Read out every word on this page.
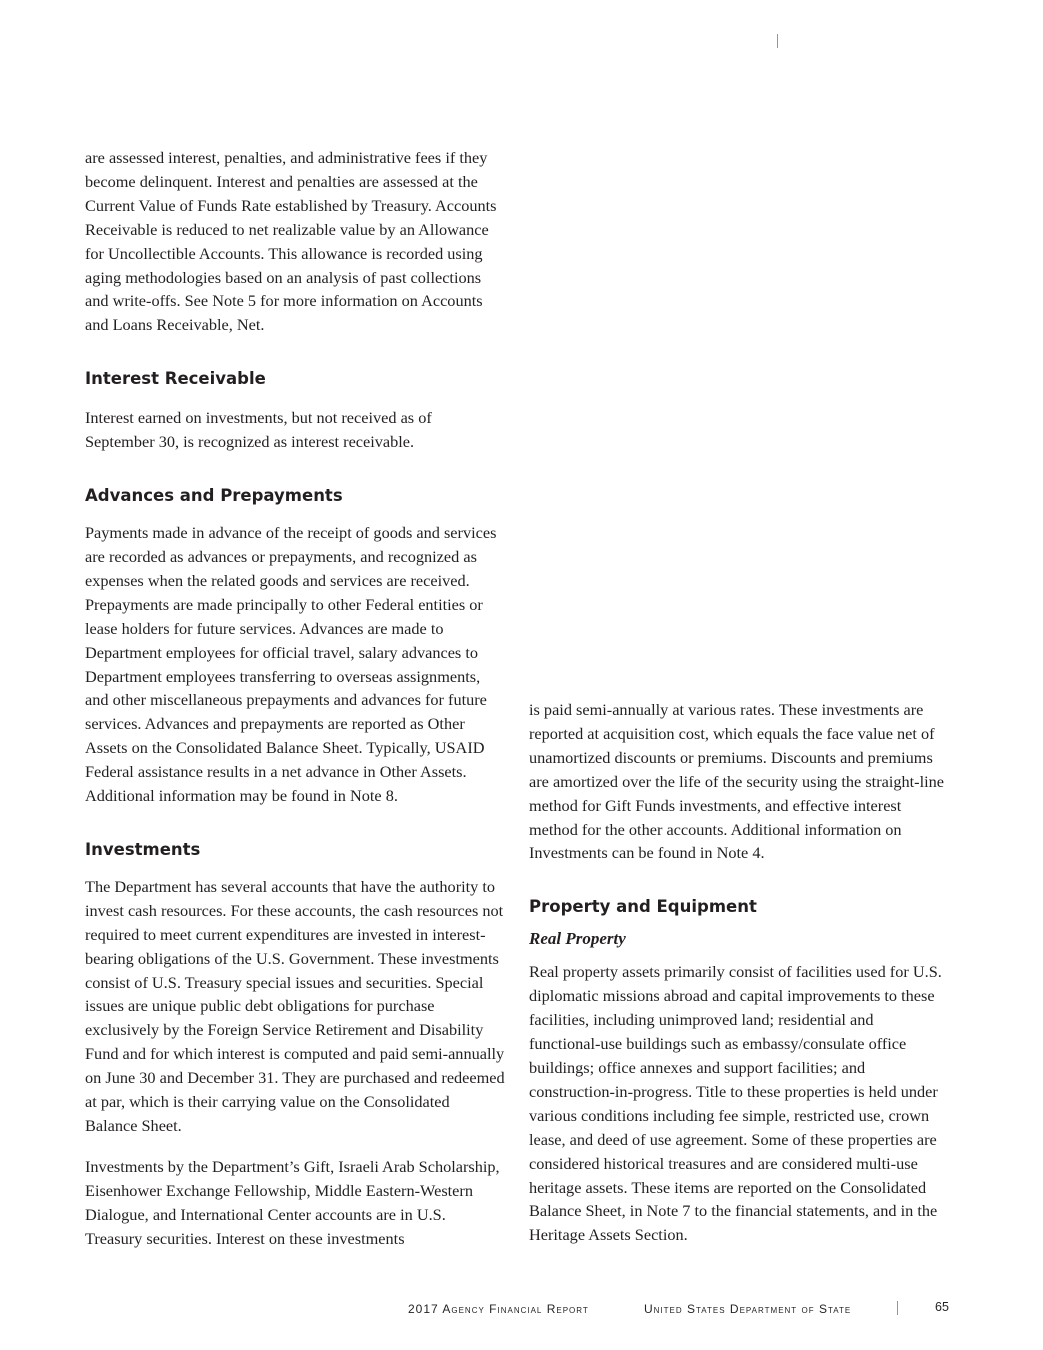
are assessed interest, penalties, and administrative fees if they become delinquent. Interest and penalties are assessed at the Current Value of Funds Rate established by Treasury. Accounts Receivable is reduced to net realizable value by an Allowance for Uncollectible Accounts. This allowance is recorded using aging methodologies based on an analysis of past collections and write-offs. See Note 5 for more information on Accounts and Loans Receivable, Net.

Interest Receivable

Interest earned on investments, but not received as of September 30, is recognized as interest receivable.

Advances and Prepayments

Payments made in advance of the receipt of goods and services are recorded as advances or prepayments, and recognized as expenses when the related goods and services are received. Prepayments are made principally to other Federal entities or lease holders for future services. Advances are made to Department employees for official travel, salary advances to Department employees transferring to overseas assignments, and other miscellaneous prepayments and advances for future services. Advances and prepayments are reported as Other Assets on the Consolidated Balance Sheet. Typically, USAID Federal assistance results in a net advance in Other Assets. Additional information may be found in Note 8.

Investments

The Department has several accounts that have the authority to invest cash resources. For these accounts, the cash resources not required to meet current expenditures are invested in interest-bearing obligations of the U.S. Government. These investments consist of U.S. Treasury special issues and securities. Special issues are unique public debt obligations for purchase exclusively by the Foreign Service Retirement and Disability Fund and for which interest is computed and paid semi-annually on June 30 and December 31. They are purchased and redeemed at par, which is their carrying value on the Consolidated Balance Sheet.

Investments by the Department’s Gift, Israeli Arab Scholarship, Eisenhower Exchange Fellowship, Middle Eastern-Western Dialogue, and International Center accounts are in U.S. Treasury securities. Interest on these investments

is paid semi-annually at various rates. These investments are reported at acquisition cost, which equals the face value net of unamortized discounts or premiums. Discounts and premiums are amortized over the life of the security using the straight-line method for Gift Funds investments, and effective interest method for the other accounts. Additional information on Investments can be found in Note 4.

Property and Equipment
Real Property

Real property assets primarily consist of facilities used for U.S. diplomatic missions abroad and capital improvements to these facilities, including unimproved land; residential and functional-use buildings such as embassy/consulate office buildings; office annexes and support facilities; and construction-in-progress. Title to these properties is held under various conditions including fee simple, restricted use, crown lease, and deed of use agreement. Some of these properties are considered historical treasures and are considered multi-use heritage assets. These items are reported on the Consolidated Balance Sheet, in Note 7 to the financial statements, and in the Heritage Assets Section.

2017 Agency Financial Report	United States Department of State	65
